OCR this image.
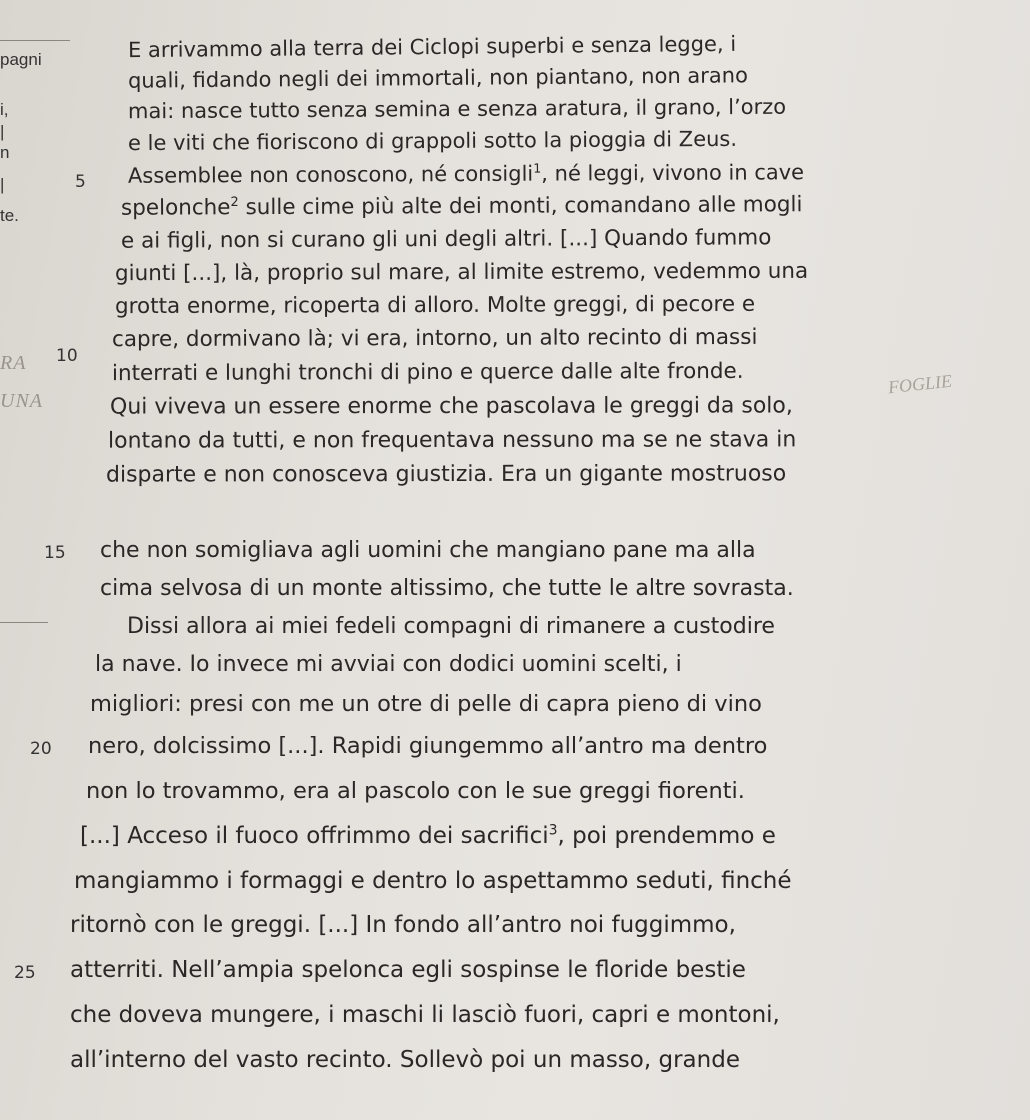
pagni
i,
|
n
|
te.
RA
UNA
FOGLIE
5
10
15
20
25
E arrivammo alla terra dei Ciclopi superbi e senza legge, i
quali, fidando negli dei immortali, non piantano, non arano
mai: nasce tutto senza semina e senza aratura, il grano, l’orzo
e le viti che fioriscono di grappoli sotto la pioggia di Zeus.
Assemblee non conoscono, né consigli$^1$, né leggi, vivono in cave
spelonche$^2$ sulle cime più alte dei monti, comandano alle mogli
e ai figli, non si curano gli uni degli altri. [...] Quando fummo
giunti [...], là, proprio sul mare, al limite estremo, vedemmo una
grotta enorme, ricoperta di alloro. Molte greggi, di pecore e
capre, dormivano là; vi era, intorno, un alto recinto di massi
interrati e lunghi tronchi di pino e querce dalle alte fronde.
Qui viveva un essere enorme che pascolava le greggi da solo,
lontano da tutti, e non frequentava nessuno ma se ne stava in
disparte e non conosceva giustizia. Era un gigante mostruoso
che non somigliava agli uomini che mangiano pane ma alla
cima selvosa di un monte altissimo, che tutte le altre sovrasta.
Dissi allora ai miei fedeli compagni di rimanere a custodire
la nave. Io invece mi avviai con dodici uomini scelti, i
migliori: presi con me un otre di pelle di capra pieno di vino
nero, dolcissimo [...]. Rapidi giungemmo all’antro ma dentro
non lo trovammo, era al pascolo con le sue greggi fiorenti.
[...] Acceso il fuoco offrimmo dei sacrifici$^3$, poi prendemmo e
mangiammo i formaggi e dentro lo aspettammo seduti, finché
ritornò con le greggi. [...] In fondo all’antro noi fuggimmo,
atterriti. Nell’ampia spelonca egli sospinse le floride bestie
che doveva mungere, i maschi li lasciò fuori, capri e montoni,
all’interno del vasto recinto. Sollevò poi un masso, grande
